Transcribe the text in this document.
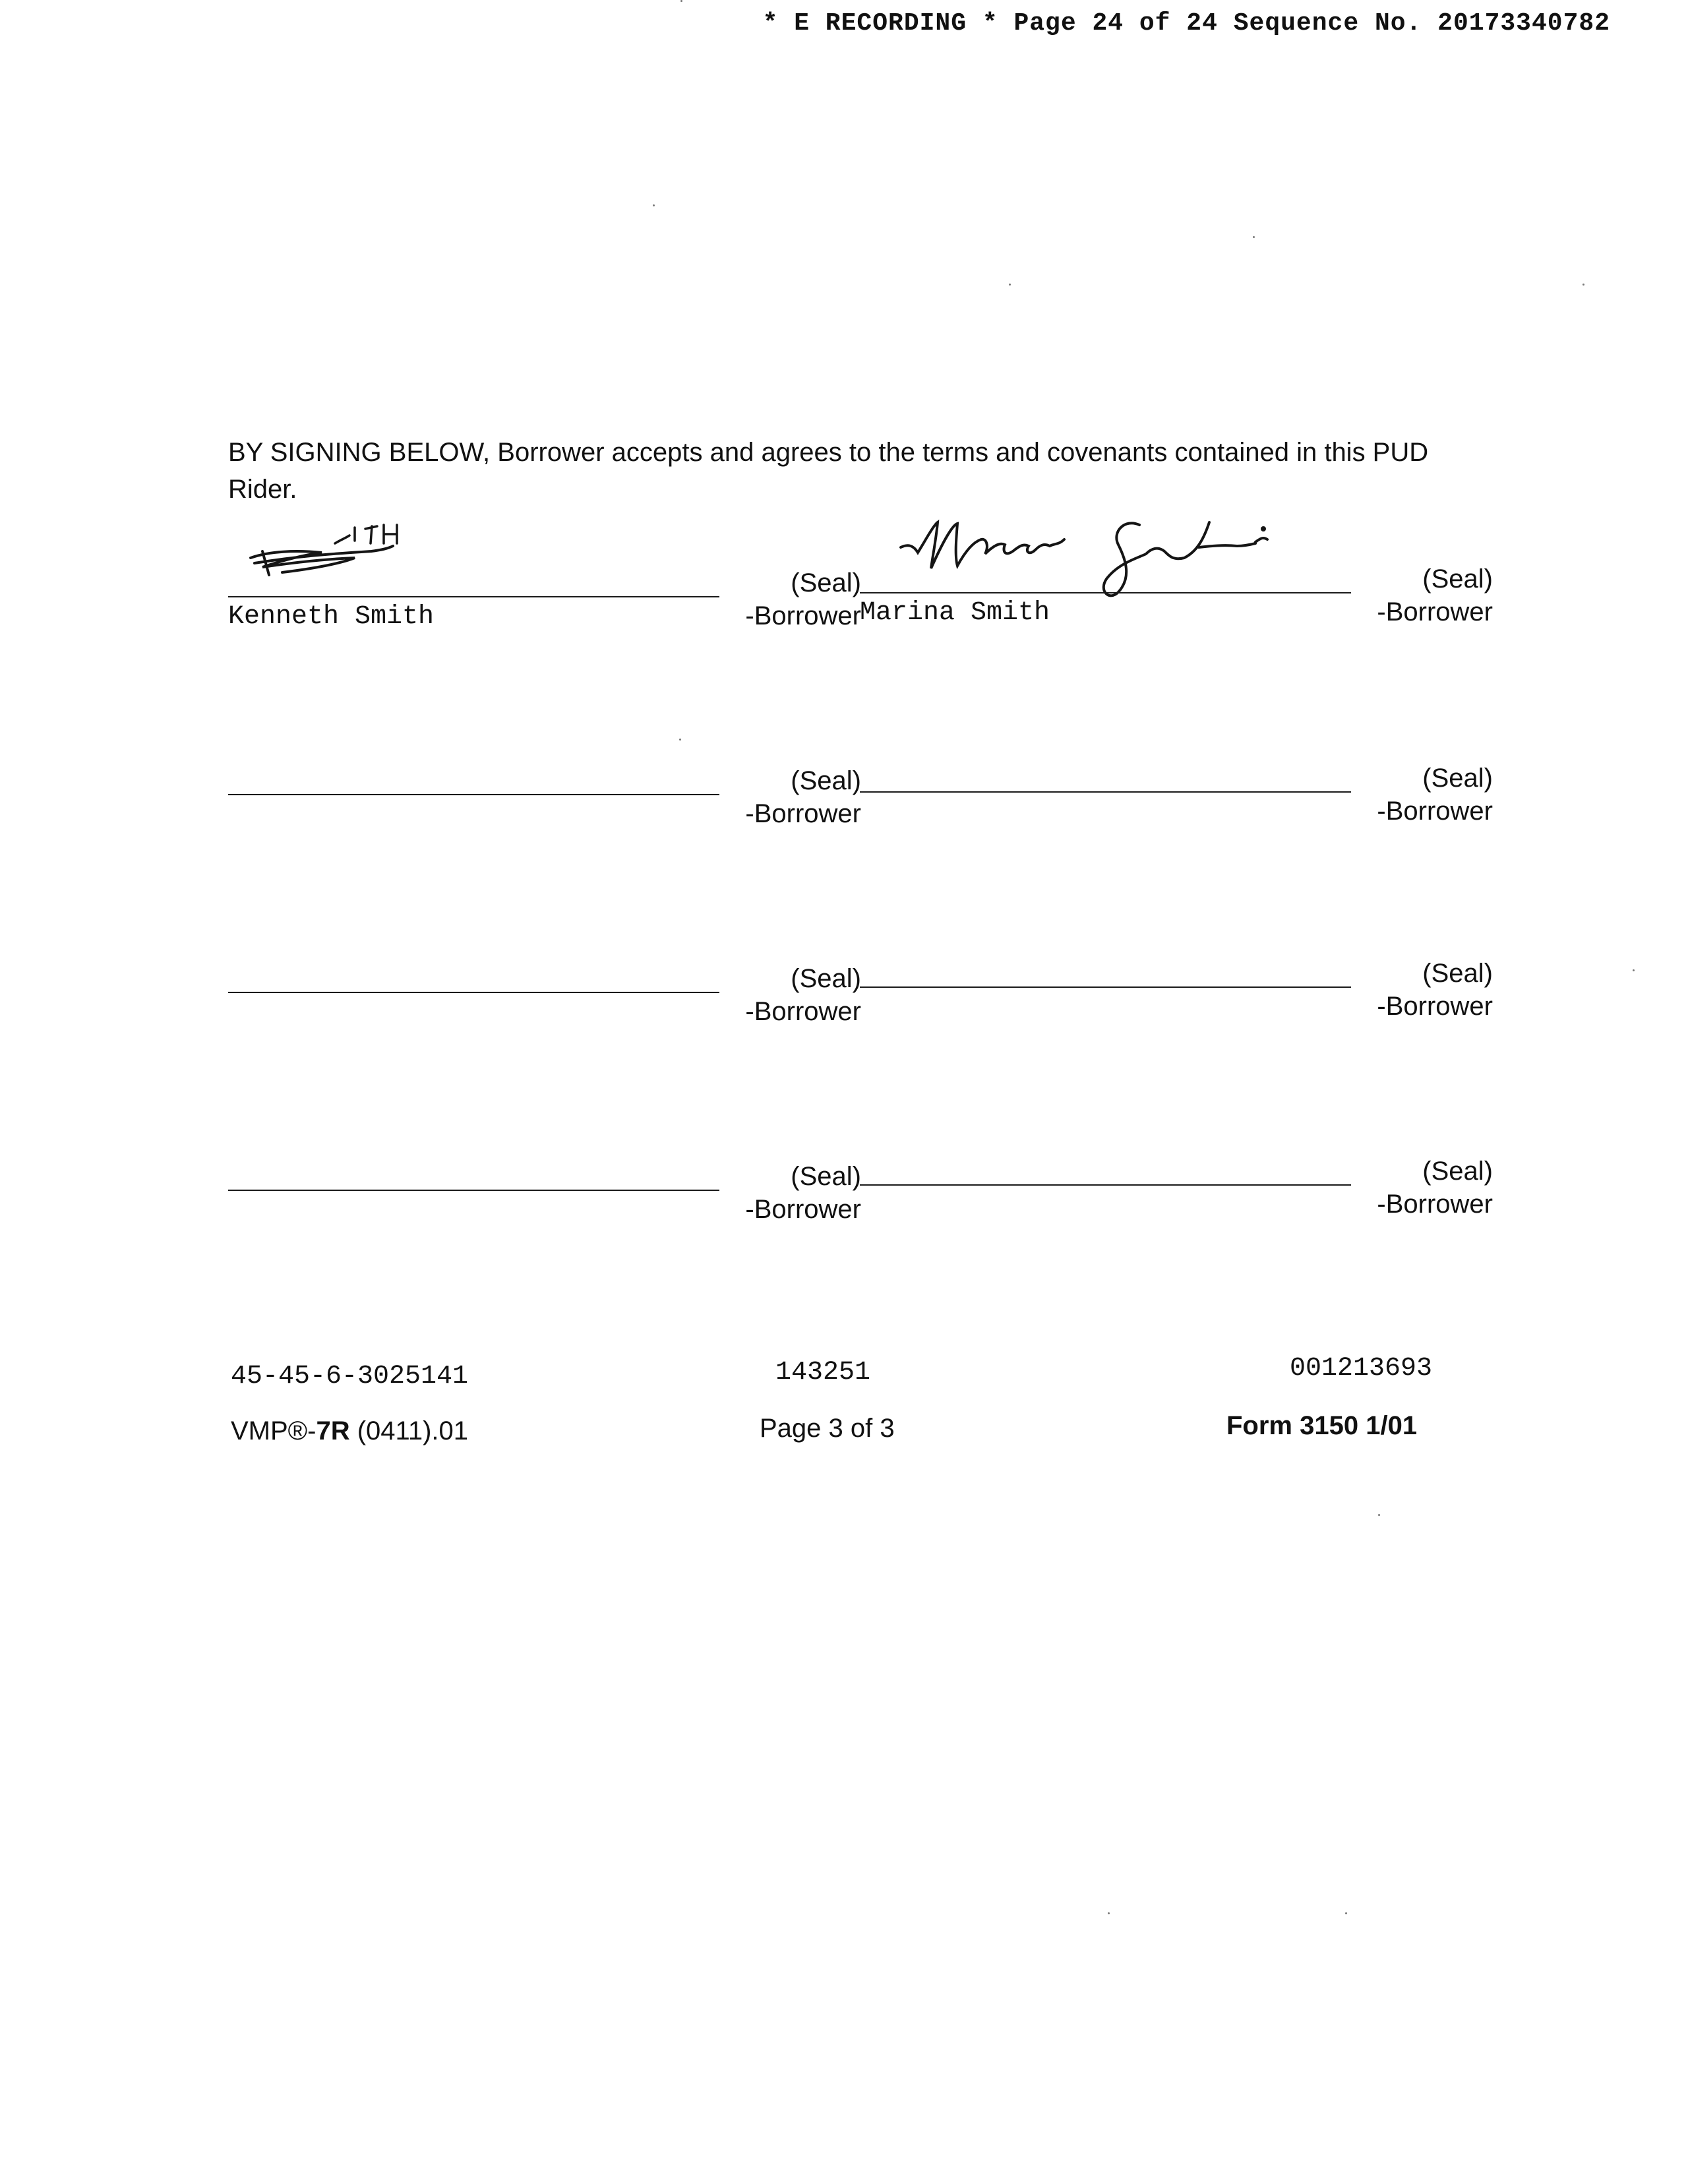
* E RECORDING * Page 24 of 24 Sequence No. 20173340782
BY SIGNING BELOW, Borrower accepts and agrees to the terms and covenants contained in this PUD Rider.
(Seal)
-Borrower
Kenneth Smith
(Seal)
-Borrower
Marina Smith
(Seal)
-Borrower
(Seal)
-Borrower
(Seal)
-Borrower
(Seal)
-Borrower
(Seal)
-Borrower
(Seal)
-Borrower
45-45-6-3025141	143251	001213693
VMP®-7R (0411).01	Page 3 of 3	Form 3150 1/01
